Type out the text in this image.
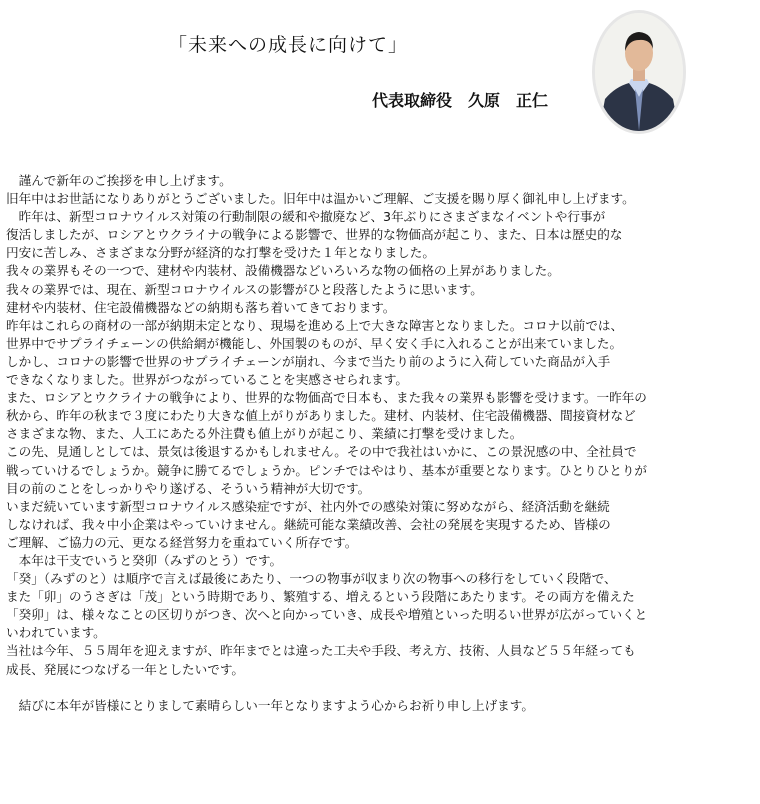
「未来への成長に向けて」
代表取締役　久原　正仁
　謹んで新年のご挨拶を申し上げます。
旧年中はお世話になりありがとうございました。旧年中は温かいご理解、ご支援を賜り厚く御礼申し上げます。
　昨年は、新型コロナウイルス対策の行動制限の緩和や撤廃など、3年ぶりにさまざまなイベントや行事が
復活しましたが、ロシアとウクライナの戦争による影響で、世界的な物価高が起こり、また、日本は歴史的な
円安に苦しみ、さまざまな分野が経済的な打撃を受けた１年となりました。
我々の業界もその一つで、建材や内装材、設備機器などいろいろな物の価格の上昇がありました。
我々の業界では、現在、新型コロナウイルスの影響がひと段落したように思います。
建材や内装材、住宅設備機器などの納期も落ち着いてきております。
昨年はこれらの商材の一部が納期未定となり、現場を進める上で大きな障害となりました。コロナ以前では、
世界中でサプライチェーンの供給網が機能し、外国製のものが、早く安く手に入れることが出来ていました。
しかし、コロナの影響で世界のサプライチェーンが崩れ、今まで当たり前のように入荷していた商品が入手
できなくなりました。世界がつながっていることを実感させられます。
また、ロシアとウクライナの戦争により、世界的な物価高で日本も、また我々の業界も影響を受けます。一昨年の
秋から、昨年の秋まで３度にわたり大きな値上がりがありました。建材、内装材、住宅設備機器、間接資材など
さまざまな物、また、人工にあたる外注費も値上がりが起こり、業績に打撃を受けました。
この先、見通しとしては、景気は後退するかもしれません。その中で我社はいかに、この景況感の中、全社員で
戦っていけるでしょうか。競争に勝てるでしょうか。ピンチではやはり、基本が重要となります。ひとりひとりが
目の前のことをしっかりやり遂げる、そういう精神が大切です。
いまだ続いています新型コロナウイルス感染症ですが、社内外での感染対策に努めながら、経済活動を継続
しなければ、我々中小企業はやっていけません。継続可能な業績改善、会社の発展を実現するため、皆様の
ご理解、ご協力の元、更なる経営努力を重ねていく所存です。
　本年は干支でいうと癸卯（みずのとう）です。
「癸」（みずのと）は順序で言えば最後にあたり、一つの物事が収まり次の物事への移行をしていく段階で、
また「卯」のうさぎは「茂」という時期であり、繁殖する、増えるという段階にあたります。その両方を備えた
「癸卯」は、様々なことの区切りがつき、次へと向かっていき、成長や増殖といった明るい世界が広がっていくと
いわれています。
当社は今年、５５周年を迎えますが、昨年までとは違った工夫や手段、考え方、技術、人員など５５年経っても
成長、発展につなげる一年としたいです。
　結びに本年が皆様にとりまして素晴らしい一年となりますよう心からお祈り申し上げます。
